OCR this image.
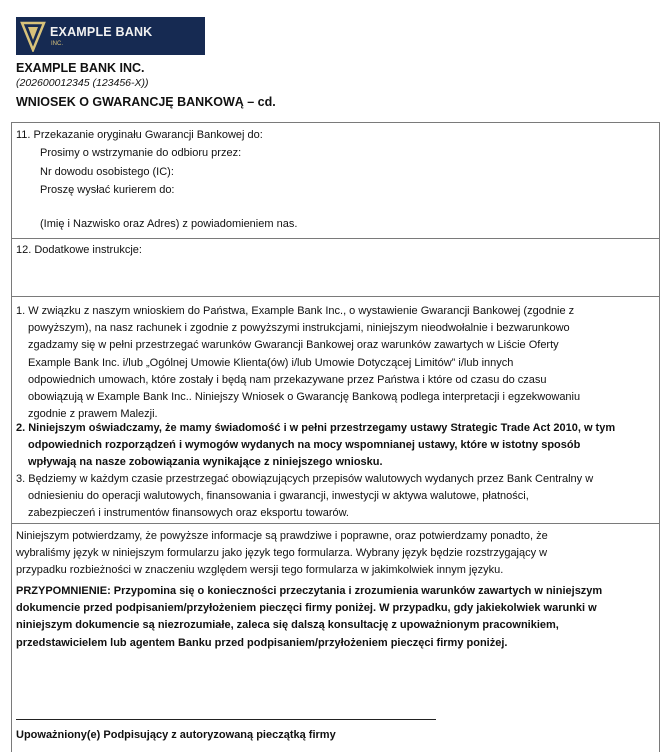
EXAMPLE BANK
INC.
EXAMPLE BANK INC.
(202600012345 (123456-X))
WNIOSEK O GWARANCJĘ BANKOWĄ – cd.
11. Przekazanie oryginału Gwarancji Bankowej do:
Prosimy o wstrzymanie do odbioru przez:
Nr dowodu osobistego (IC):
Proszę wysłać kurierem do:
(Imię i Nazwisko oraz Adres) z powiadomieniem nas.
12. Dodatkowe instrukcje:
1. W związku z naszym wnioskiem do Państwa, Example Bank Inc., o wystawienie Gwarancji Bankowej (zgodnie z
powyższym), na nasz rachunek i zgodnie z powyższymi instrukcjami, niniejszym nieodwołalnie i bezwarunkowo
zgadzamy się w pełni przestrzegać warunków Gwarancji Bankowej oraz warunków zawartych w Liście Oferty
Example Bank Inc. i/lub „Ogólnej Umowie Klienta(ów) i/lub Umowie Dotyczącej Limitów” i/lub innych
odpowiednich umowach, które zostały i będą nam przekazywane przez Państwa i które od czasu do czasu
obowiązują w Example Bank Inc.. Niniejszy Wniosek o Gwarancję Bankową podlega interpretacji i egzekwowaniu
zgodnie z prawem Malezji.
2. Niniejszym oświadczamy, że mamy świadomość i w pełni przestrzegamy ustawy Strategic Trade Act 2010, w tym
odpowiednich rozporządzeń i wymogów wydanych na mocy wspomnianej ustawy, które w istotny sposób
wpływają na nasze zobowiązania wynikające z niniejszego wniosku.
3. Będziemy w każdym czasie przestrzegać obowiązujących przepisów walutowych wydanych przez Bank Centralny w
odniesieniu do operacji walutowych, finansowania i gwarancji, inwestycji w aktywa walutowe, płatności,
zabezpieczeń i instrumentów finansowych oraz eksportu towarów.
Niniejszym potwierdzamy, że powyższe informacje są prawdziwe i poprawne, oraz potwierdzamy ponadto, że
wybraliśmy język w niniejszym formularzu jako język tego formularza. Wybrany język będzie rozstrzygający w
przypadku rozbieżności w znaczeniu względem wersji tego formularza w jakimkolwiek innym języku.
PRZYPOMNIENIE: Przypomina się o konieczności przeczytania i zrozumienia warunków zawartych w niniejszym
dokumencie przed podpisaniem/przyłożeniem pieczęci firmy poniżej. W przypadku, gdy jakiekolwiek warunki w
niniejszym dokumencie są niezrozumiałe, zaleca się dalszą konsultację z upoważnionym pracownikiem,
przedstawicielem lub agentem Banku przed podpisaniem/przyłożeniem pieczęci firmy poniżej.
Upoważniony(e) Podpisujący z autoryzowaną pieczątką firmy
